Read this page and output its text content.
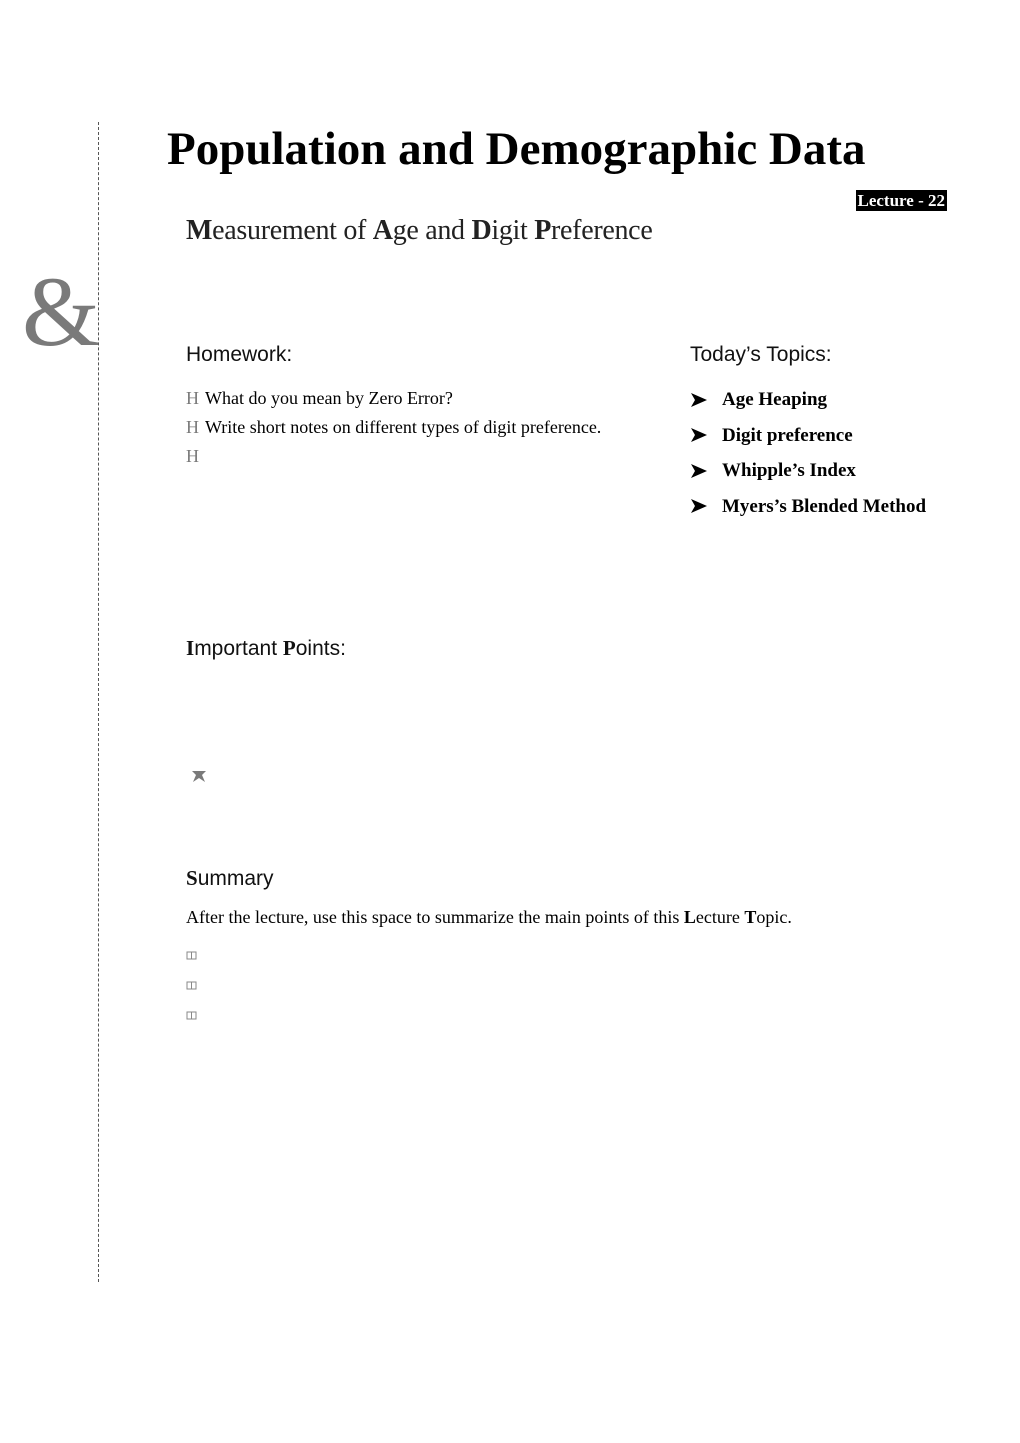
&
Population and Demographic Data
Lecture - 22
Measurement of Age and Digit Preference
Homework:
H What do you mean by Zero Error?
H Write short notes on different types of digit preference.
H
Today’s Topics:
Age Heaping
Digit preference
Whipple’s Index
Myers’s Blended Method
Important Points:
Summary

After the lecture, use this space to summarize the main points of this Lecture Topic.
